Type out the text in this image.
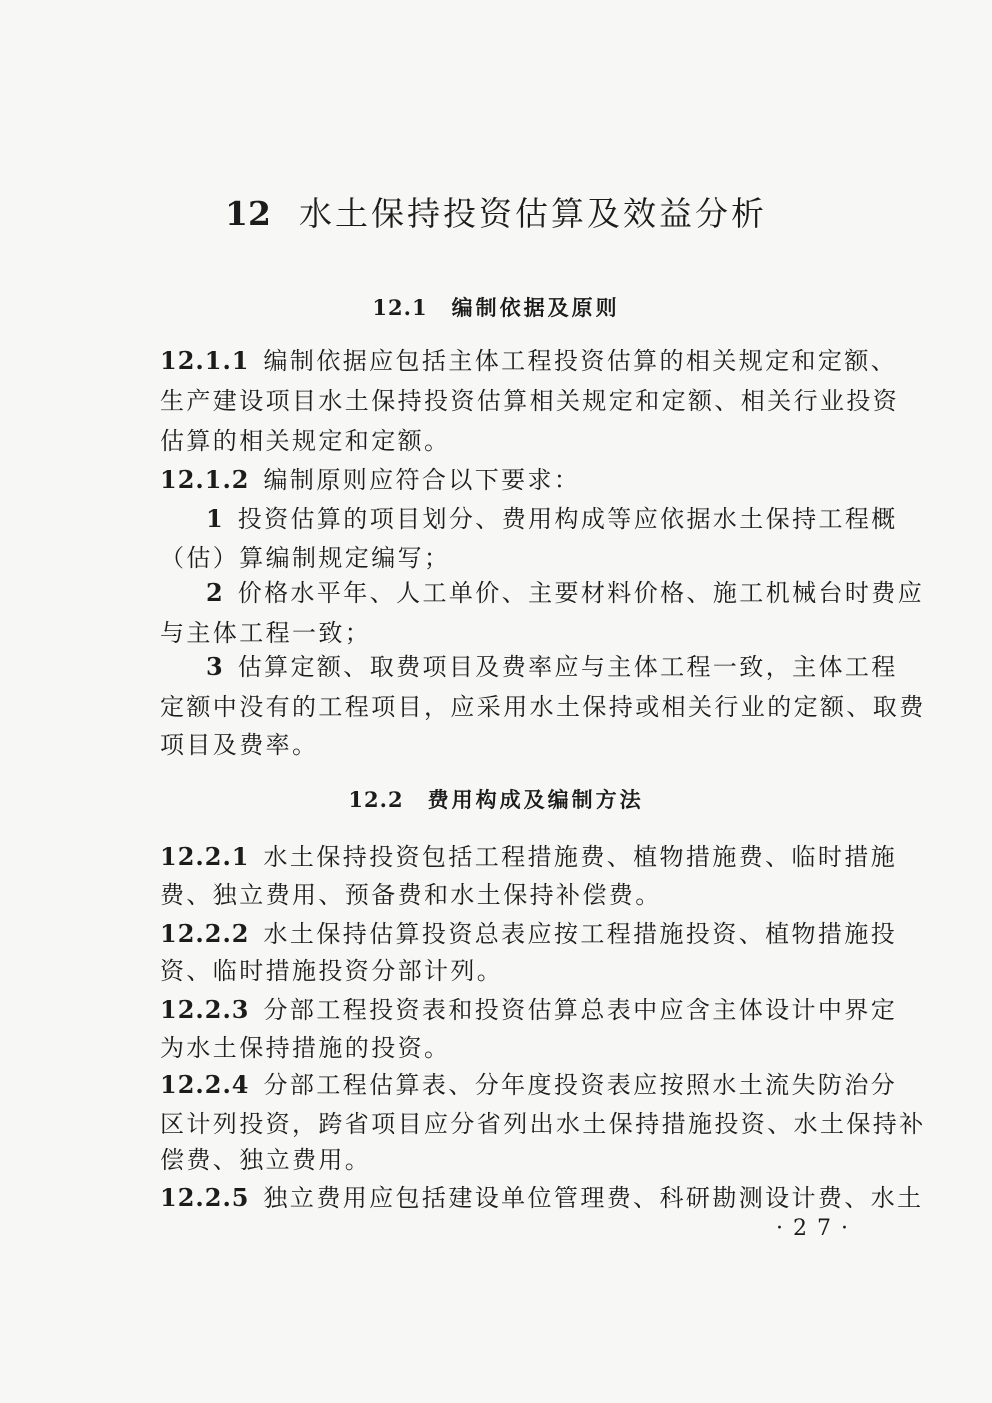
12 水土保持投资估算及效益分析
12.1 编制依据及原则
12.1.1 编制依据应包括主体工程投资估算的相关规定和定额、
生产建设项目水土保持投资估算相关规定和定额、相关行业投资
估算的相关规定和定额。
12.1.2 编制原则应符合以下要求：
1 投资估算的项目划分、费用构成等应依据水土保持工程概
（估）算编制规定编写；
2 价格水平年、人工单价、主要材料价格、施工机械台时费应
与主体工程一致；
3 估算定额、取费项目及费率应与主体工程一致，主体工程
定额中没有的工程项目，应采用水土保持或相关行业的定额、取费
项目及费率。
12.2 费用构成及编制方法
12.2.1 水土保持投资包括工程措施费、植物措施费、临时措施
费、独立费用、预备费和水土保持补偿费。
12.2.2 水土保持估算投资总表应按工程措施投资、植物措施投
资、临时措施投资分部计列。
12.2.3 分部工程投资表和投资估算总表中应含主体设计中界定
为水土保持措施的投资。
12.2.4 分部工程估算表、分年度投资表应按照水土流失防治分
区计列投资，跨省项目应分省列出水土保持措施投资、水土保持补
偿费、独立费用。
12.2.5 独立费用应包括建设单位管理费、科研勘测设计费、水土
·27·
